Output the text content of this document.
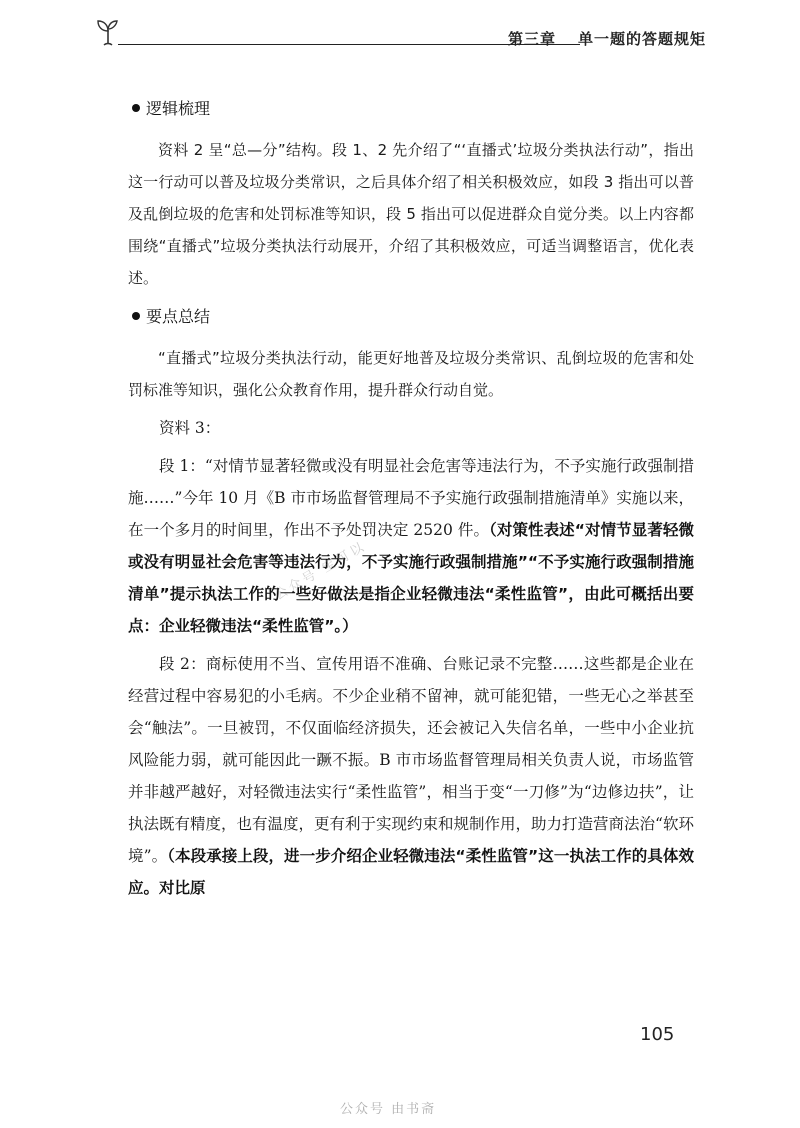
第三章 单一题的答题规矩
逻辑梳理

资料 2 呈“总—分”结构。段 1、2 先介绍了“‘直播式’垃圾分类执法行动”，指出这一行动可以普及垃圾分类常识，之后具体介绍了相关积极效应，如段 3 指出可以普及乱倒垃圾的危害和处罚标准等知识，段 5 指出可以促进群众自觉分类。以上内容都围绕“直播式”垃圾分类执法行动展开，介绍了其积极效应，可适当调整语言，优化表述。

要点总结

“直播式”垃圾分类执法行动，能更好地普及垃圾分类常识、乱倒垃圾的危害和处罚标准等知识，强化公众教育作用，提升群众行动自觉。

资料 3：

段 1：“对情节显著轻微或没有明显社会危害等违法行为，不予实施行政强制措施……”今年 10 月《B 市市场监督管理局不予实施行政强制措施清单》实施以来，在一个多月的时间里，作出不予处罚决定 2520 件。（对策性表述“对情节显著轻微或没有明显社会危害等违法行为，不予实施行政强制措施”“不予实施行政强制措施清单”提示执法工作的一些好做法是指企业轻微违法“柔性监管”，由此可概括出要点：企业轻微违法“柔性监管”。）

段 2：商标使用不当、宣传用语不准确、台账记录不完整……这些都是企业在经营过程中容易犯的小毛病。不少企业稍不留神，就可能犯错，一些无心之举甚至会“触法”。一旦被罚，不仅面临经济损失，还会被记入失信名单，一些中小企业抗风险能力弱，就可能因此一蹶不振。B 市市场监督管理局相关负责人说，市场监管并非越严越好，对轻微违法实行“柔性监管”，相当于变“一刀修”为“边修边扶”，让执法既有精度，也有温度，更有利于实现约束和规制作用，助力打造营商法治“软环境”。（本段承接上段，进一步介绍企业轻微违法“柔性监管”这一执法工作的具体效应。对比原

公众号 宝可以
105
公众号 由书斋
